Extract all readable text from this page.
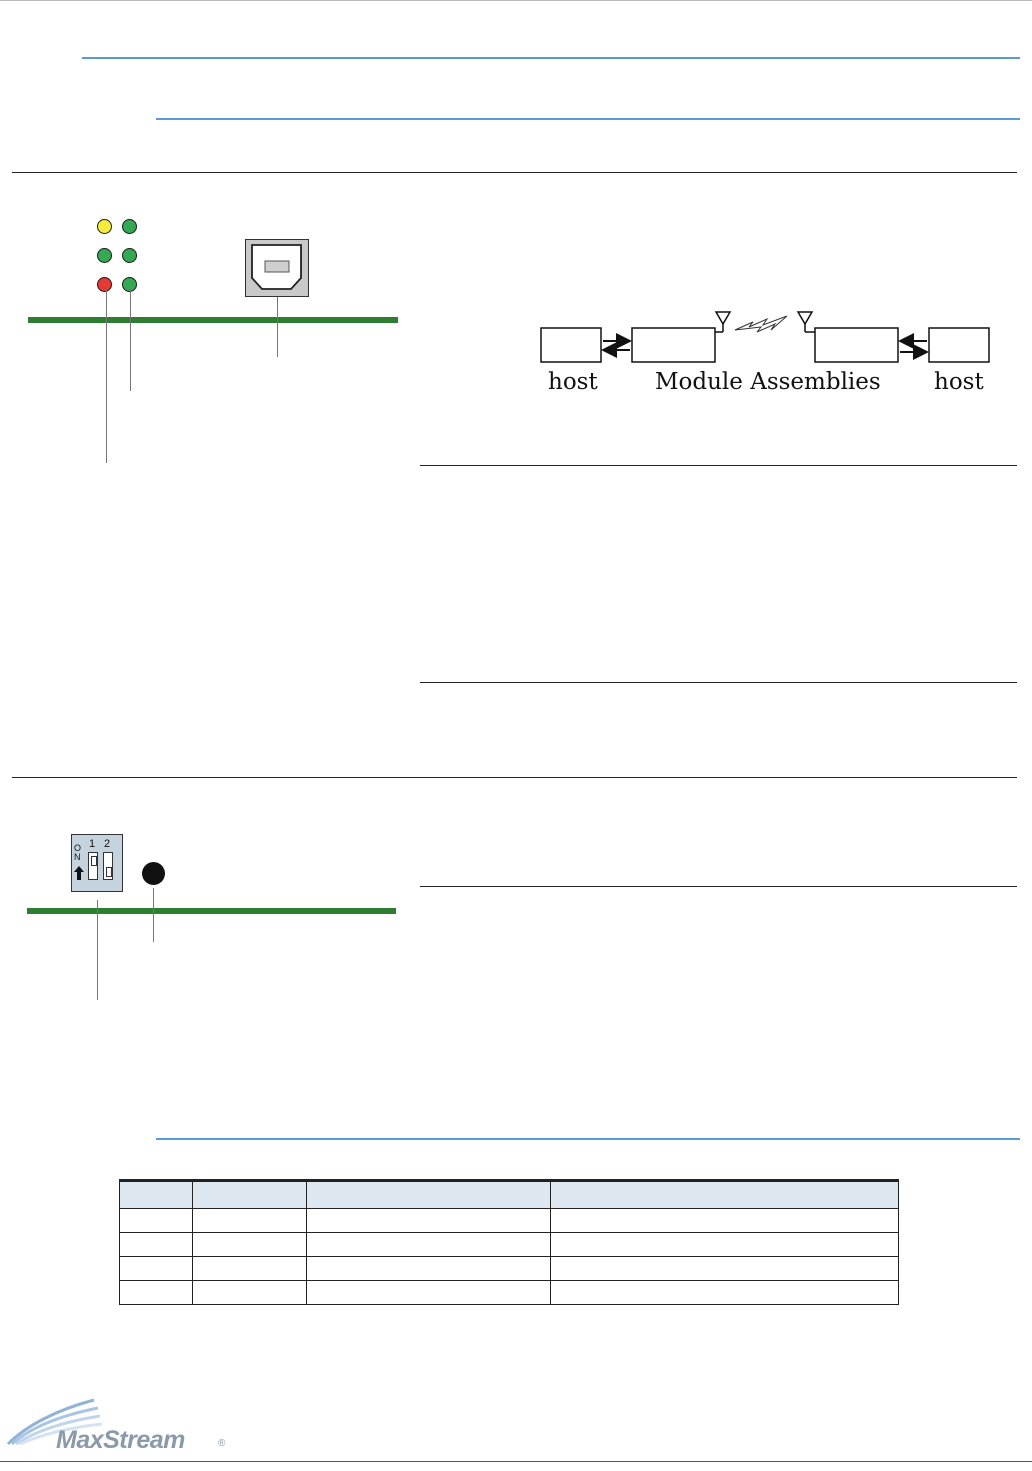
host Module Assemblies host
1 2
ON

MaxStream	®
